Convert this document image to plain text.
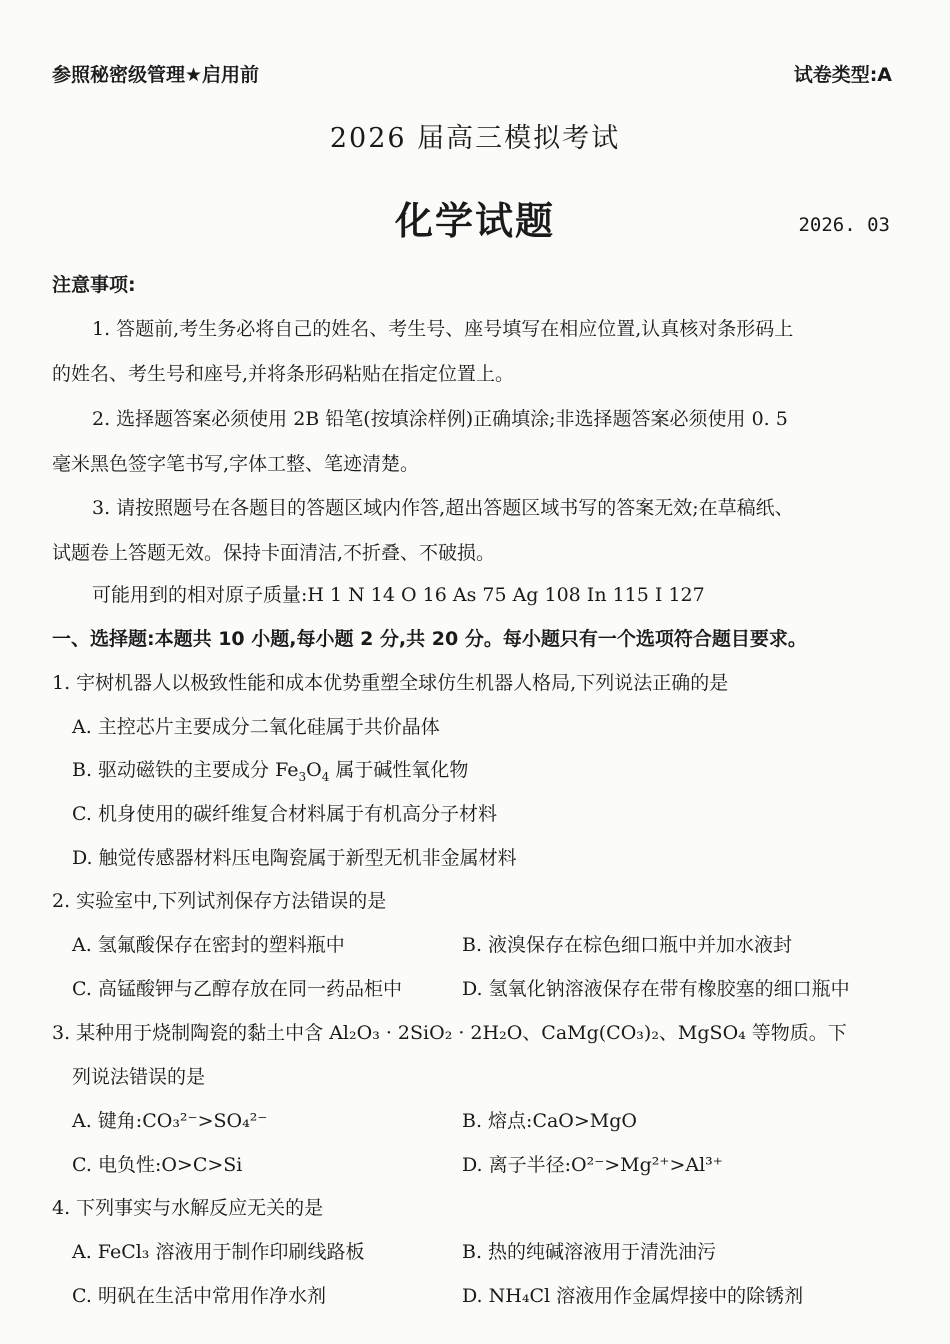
参照秘密级管理★启用前	试卷类型:A
2026 届高三模拟考试
化学试题	2026. 03
注意事项:
1. 答题前,考生务必将自己的姓名、考生号、座号填写在相应位置,认真核对条形码上
的姓名、考生号和座号,并将条形码粘贴在指定位置上。
2. 选择题答案必须使用 2B 铅笔(按填涂样例)正确填涂;非选择题答案必须使用 0. 5
毫米黑色签字笔书写,字体工整、笔迹清楚。
3. 请按照题号在各题目的答题区域内作答,超出答题区域书写的答案无效;在草稿纸、
试题卷上答题无效。保持卡面清洁,不折叠、不破损。
可能用到的相对原子质量:H 1 N 14 O 16 As 75 Ag 108 In 115 I 127
一、选择题:本题共 10 小题,每小题 2 分,共 20 分。每小题只有一个选项符合题目要求。
1. 宇树机器人以极致性能和成本优势重塑全球仿生机器人格局,下列说法正确的是
A. 主控芯片主要成分二氧化硅属于共价晶体
B. 驱动磁铁的主要成分 $Fe_3O_4$ 属于碱性氧化物
C. 机身使用的碳纤维复合材料属于有机高分子材料
D. 触觉传感器材料压电陶瓷属于新型无机非金属材料
2. 实验室中,下列试剂保存方法错误的是
A. 氢氟酸保存在密封的塑料瓶中	B. 液溴保存在棕色细口瓶中并加水液封
C. 高锰酸钾与乙醇存放在同一药品柜中	D. 氢氧化钠溶液保存在带有橡胶塞的细口瓶中
3. 某种用于烧制陶瓷的黏土中含 Al₂O₃ · 2SiO₂ · 2H₂O、CaMg(CO₃)₂、MgSO₄ 等物质。下
列说法错误的是
A. 键角:CO₃²⁻>SO₄²⁻	B. 熔点:CaO>MgO
C. 电负性:O>C>Si	D. 离子半径:O²⁻>Mg²⁺>Al³⁺
4. 下列事实与水解反应无关的是
A. FeCl₃ 溶液用于制作印刷线路板	B. 热的纯碱溶液用于清洗油污
C. 明矾在生活中常用作净水剂	D. NH₄Cl 溶液用作金属焊接中的除锈剂
